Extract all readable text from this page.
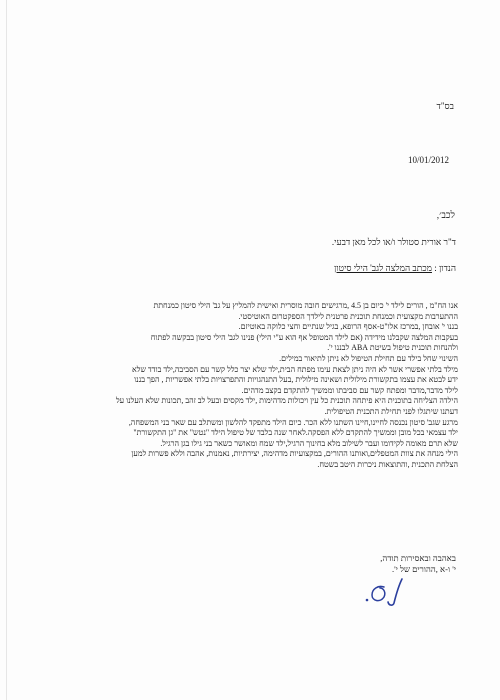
בס"ד
10/01/2012
לכב׳,
ד"ר אורית סטולר ו/או לכל מאן דבעי.
הנדון : מכתב המלצה לגב' הילי סיטון

אנו הח"מ , הורים לילד י' כיום בן 4.5 ,מרגישים חובה מוסרית ואישית להמליץ על גב' הילי סיטון כמנחתת

ההתערבות מקצועית וכמנחת תוכנית פרטנית לילדך הספקטרום האוטיסטי.

בננו י' אובחן ,במרכז אלו"ט-אסף הרופא, בגיל שנתיים וחצי כלוקה באוטיזם.

בעקבות המלצה שקבלנו מידידה (אם לילד המטופל אף הוא ע"י הילי) פנינו לגב' הילי סיטון בבקשה לפתוח

ולהנחות תוכנית טיפול בשיטת ABA לבננו י'.

השינוי שחל בילד עם תחילת הטיפול לא ניתן לתיאור במילים.

מילד בלתי אפשרי אשר לא היה ניתן לצאת עימו מפתח הבית,ילד שלא יצר כלל קשר עם הסביבה,ילד בודד שלא

ידע לבטא את עצמו בתקשורת מילולית ושאינה מילולית ,בעל התנהגויות והתפרצויות בלתי אפשריות , הפך בננו

לילד מדבר,מדבר ומפתח קשר עם סביבתו וממשיך להתקדם בקצב מדהים.

הילדה הצליחה בתוכנית היא פיתחה תוכנית כל עין ויכולות מדהימות ,ילד מקסים ובעל לב זהב ,תכונות שלא העלנו על

דעתנו שיתגלו לפני תחילת התכנית הטיפולית.

מרגע שגב' סיטון נכנסה לחיינו,חיינו השתנו ללא הכר. כיום הילד מתפקד להלשון ומשתלב עם שאר בני המשפחה,

ילד עצמאי בכל מובן וממשיך להתקדם ללא הפסקה.לאחר שנה בלבד של טיפול הילד "נטש" את "גן התקשורת"

שלא תרם מאומה לקידומו ועבר לשילוב מלא בחינוך הרגיל,ילד שמח ומאושר כשאר בני גילו בגן הרגיל.

הילי מנחה את צוות המטפלים,ואותנו ההורים, במקצועיות מדהימה, יצירתיות, נאמנות, אהבה וללא פשרות למען

הצלחת התכנית ,והתוצאות ניכרות היטב בשטח.

באהבה ובאסירות תודה,
י' ו-א ,ההורים של י'.
